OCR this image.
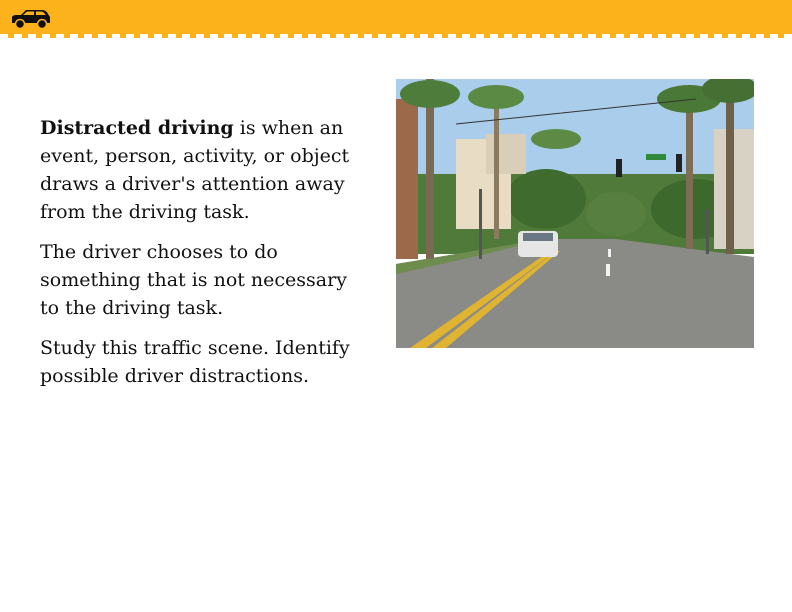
Distracted driving is when an event, person, activity, or object draws a driver's attention away from the driving task.

The driver chooses to do something that is not necessary to the driving task.

Study this traffic scene. Identify possible driver distractions.
